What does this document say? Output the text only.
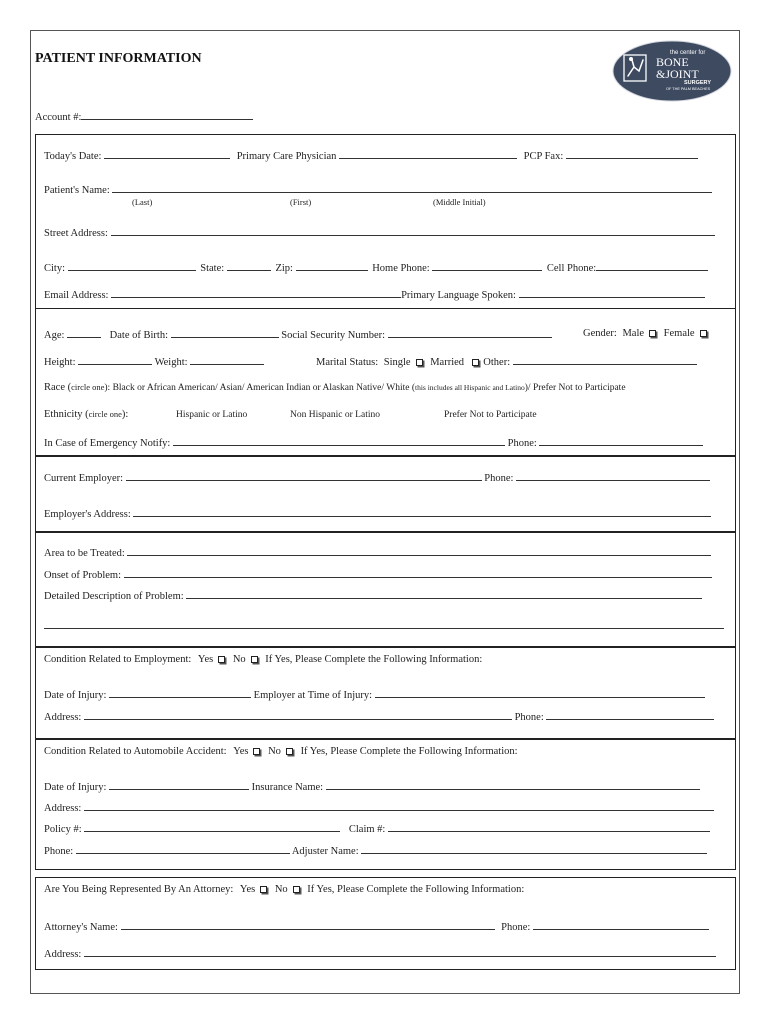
PATIENT INFORMATION	the center for
BONE
&JOINT
SURGERY
OF THE PALM BEACHES
Account #:
Today's Date:	Primary Care Physician	PCP Fax:
Patient's Name:
(Last)	(First)	(Middle Initial)
Street Address:
City:	State:	Zip:	Home Phone:	Cell Phone:
Email Address:	Primary Language Spoken:
Age:	Date of Birth:	Social Security Number:	Gender: Male Female
Height:	Weight:	Marital Status: Single Married Other:
Race (circle one): Black or African American/ Asian/ American Indian or Alaskan Native/ White (this includes all Hispanic and Latino)/ Prefer Not to Participate
Ethnicity (circle one):	Hispanic or Latino	Non Hispanic or Latino	Prefer Not to Participate
In Case of Emergency Notify:	Phone:
Current Employer:	Phone:
Employer's Address:
Area to be Treated:
Onset of Problem:
Detailed Description of Problem:
Condition Related to Employment: Yes No If Yes, Please Complete the Following Information:
Date of Injury:	Employer at Time of Injury:
Address:	Phone:
Condition Related to Automobile Accident: Yes No If Yes, Please Complete the Following Information:
Date of Injury:	Insurance Name:
Address:
Policy #:	Claim #:
Phone:	Adjuster Name:
Are You Being Represented By An Attorney: Yes No If Yes, Please Complete the Following Information:
Attorney's Name:	Phone:
Address:
